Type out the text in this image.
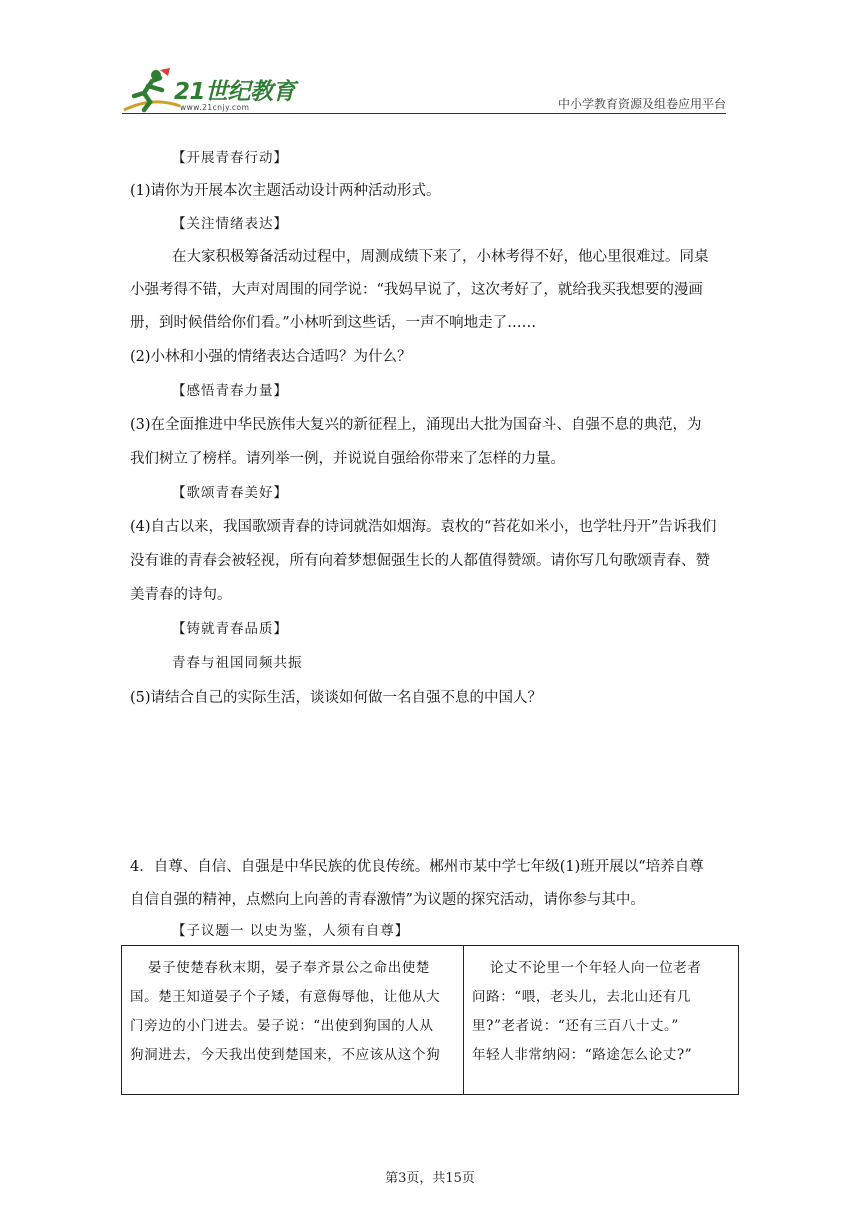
21世纪教育
www.21cnjy.com	中小学教育资源及组卷应用平台
【开展青春行动】
(1)请你为开展本次主题活动设计两种活动形式。
【关注情绪表达】
在大家积极筹备活动过程中，周测成绩下来了，小林考得不好，他心里很难过。同桌
小强考得不错，大声对周围的同学说：“我妈早说了，这次考好了，就给我买我想要的漫画
册，到时候借给你们看。”小林听到这些话，一声不响地走了……
(2)小林和小强的情绪表达合适吗？为什么？
【感悟青春力量】
(3)在全面推进中华民族伟大复兴的新征程上，涌现出大批为国奋斗、自强不息的典范，为
我们树立了榜样。请列举一例，并说说自强给你带来了怎样的力量。
【歌颂青春美好】
(4)自古以来，我国歌颂青春的诗词就浩如烟海。袁枚的“苔花如米小，也学牡丹开”告诉我们
没有谁的青春会被轻视，所有向着梦想倔强生长的人都值得赞颂。请你写几句歌颂青春、赞
美青春的诗句。
【铸就青春品质】
青春与祖国同频共振
(5)请结合自己的实际生活，谈谈如何做一名自强不息的中国人？
4．自尊、自信、自强是中华民族的优良传统。郴州市某中学七年级(1)班开展以“培养自尊
自信自强的精神，点燃向上向善的青春激情”为议题的探究活动，请你参与其中。
【子议题一 以史为鉴，人须有自尊】
晏子使楚春秋末期，晏子奉齐景公之命出使楚
国。楚王知道晏子个子矮，有意侮辱他，让他从大
门旁边的小门进去。晏子说：“出使到狗国的人从
狗洞进去，今天我出使到楚国来，不应该从这个狗

论丈不论里一个年轻人向一位老者
问路：“喂，老头儿，去北山还有几
里?”老者说：“还有三百八十丈。”
年轻人非常纳闷：“路途怎么论丈?”
第3页，共15页
